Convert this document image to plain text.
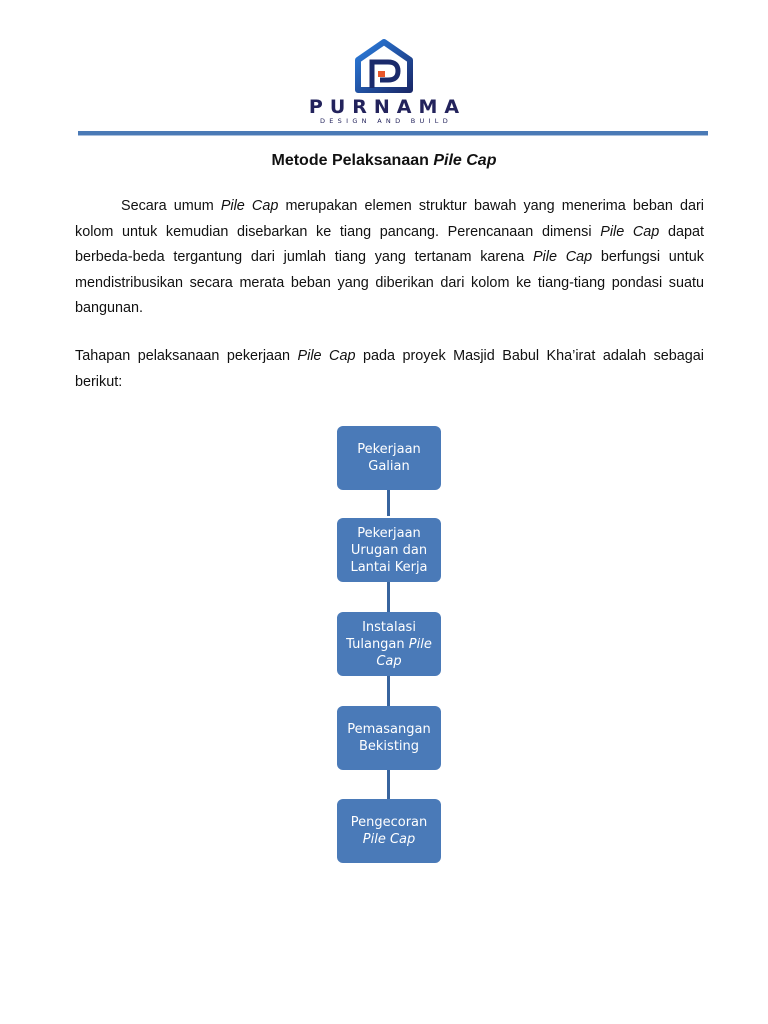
PURNAMA
DESIGN AND BUILD
Metode Pelaksanaan Pile Cap

Secara umum Pile Cap merupakan elemen struktur bawah yang menerima beban dari kolom untuk kemudian disebarkan ke tiang pancang. Perencanaan dimensi Pile Cap dapat berbeda-beda tergantung dari jumlah tiang yang tertanam karena Pile Cap berfungsi untuk mendistribusikan secara merata beban yang diberikan dari kolom ke tiang-tiang pondasi suatu bangunan.

Tahapan pelaksanaan pekerjaan Pile Cap pada proyek Masjid Babul Kha’irat adalah sebagai berikut:

Pekerjaan Galian
Pekerjaan Urugan dan Lantai Kerja
Instalasi Tulangan Pile Cap
Pemasangan Bekisting
Pengecoran Pile Cap
